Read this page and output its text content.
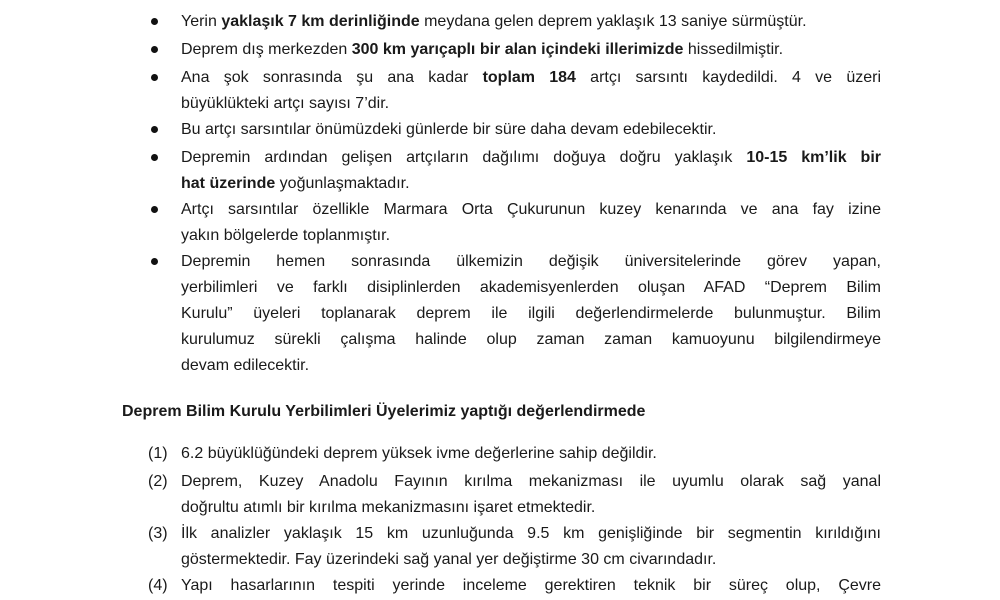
Yerin yaklaşık 7 km derinliğinde meydana gelen deprem yaklaşık 13 saniye sürmüştür.
Deprem dış merkezden 300 km yarıçaplı bir alan içindeki illerimizde hissedilmiştir.
Ana şok sonrasında şu ana kadar toplam 184 artçı sarsıntı kaydedildi. 4 ve üzeri
büyüklükteki artçı sayısı 7’dir.
Bu artçı sarsıntılar önümüzdeki günlerde bir süre daha devam edebilecektir.
Depremin ardından gelişen artçıların dağılımı doğuya doğru yaklaşık 10-15 km’lik bir
hat üzerinde yoğunlaşmaktadır.
Artçı sarsıntılar özellikle Marmara Orta Çukurunun kuzey kenarında ve ana fay izine
yakın bölgelerde toplanmıştır.
Depremin hemen sonrasında ülkemizin değişik üniversitelerinde görev yapan,
yerbilimleri ve farklı disiplinlerden akademisyenlerden oluşan AFAD “Deprem Bilim
Kurulu” üyeleri toplanarak deprem ile ilgili değerlendirmelerde bulunmuştur. Bilim
kurulumuz sürekli çalışma halinde olup zaman zaman kamuoyunu bilgilendirmeye
devam edilecektir.
Deprem Bilim Kurulu Yerbilimleri Üyelerimiz yaptığı değerlendirmede
(1) 6.2 büyüklüğündeki deprem yüksek ivme değerlerine sahip değildir.
(2) Deprem, Kuzey Anadolu Fayının kırılma mekanizması ile uyumlu olarak sağ yanal
doğrultu atımlı bir kırılma mekanizmasını işaret etmektedir.
(3) İlk analizler yaklaşık 15 km uzunluğunda 9.5 km genişliğinde bir segmentin kırıldığını
göstermektedir. Fay üzerindeki sağ yanal yer değiştirme 30 cm civarındadır.
(4) Yapı hasarlarının tespiti yerinde inceleme gerektiren teknik bir süreç olup, Çevre
